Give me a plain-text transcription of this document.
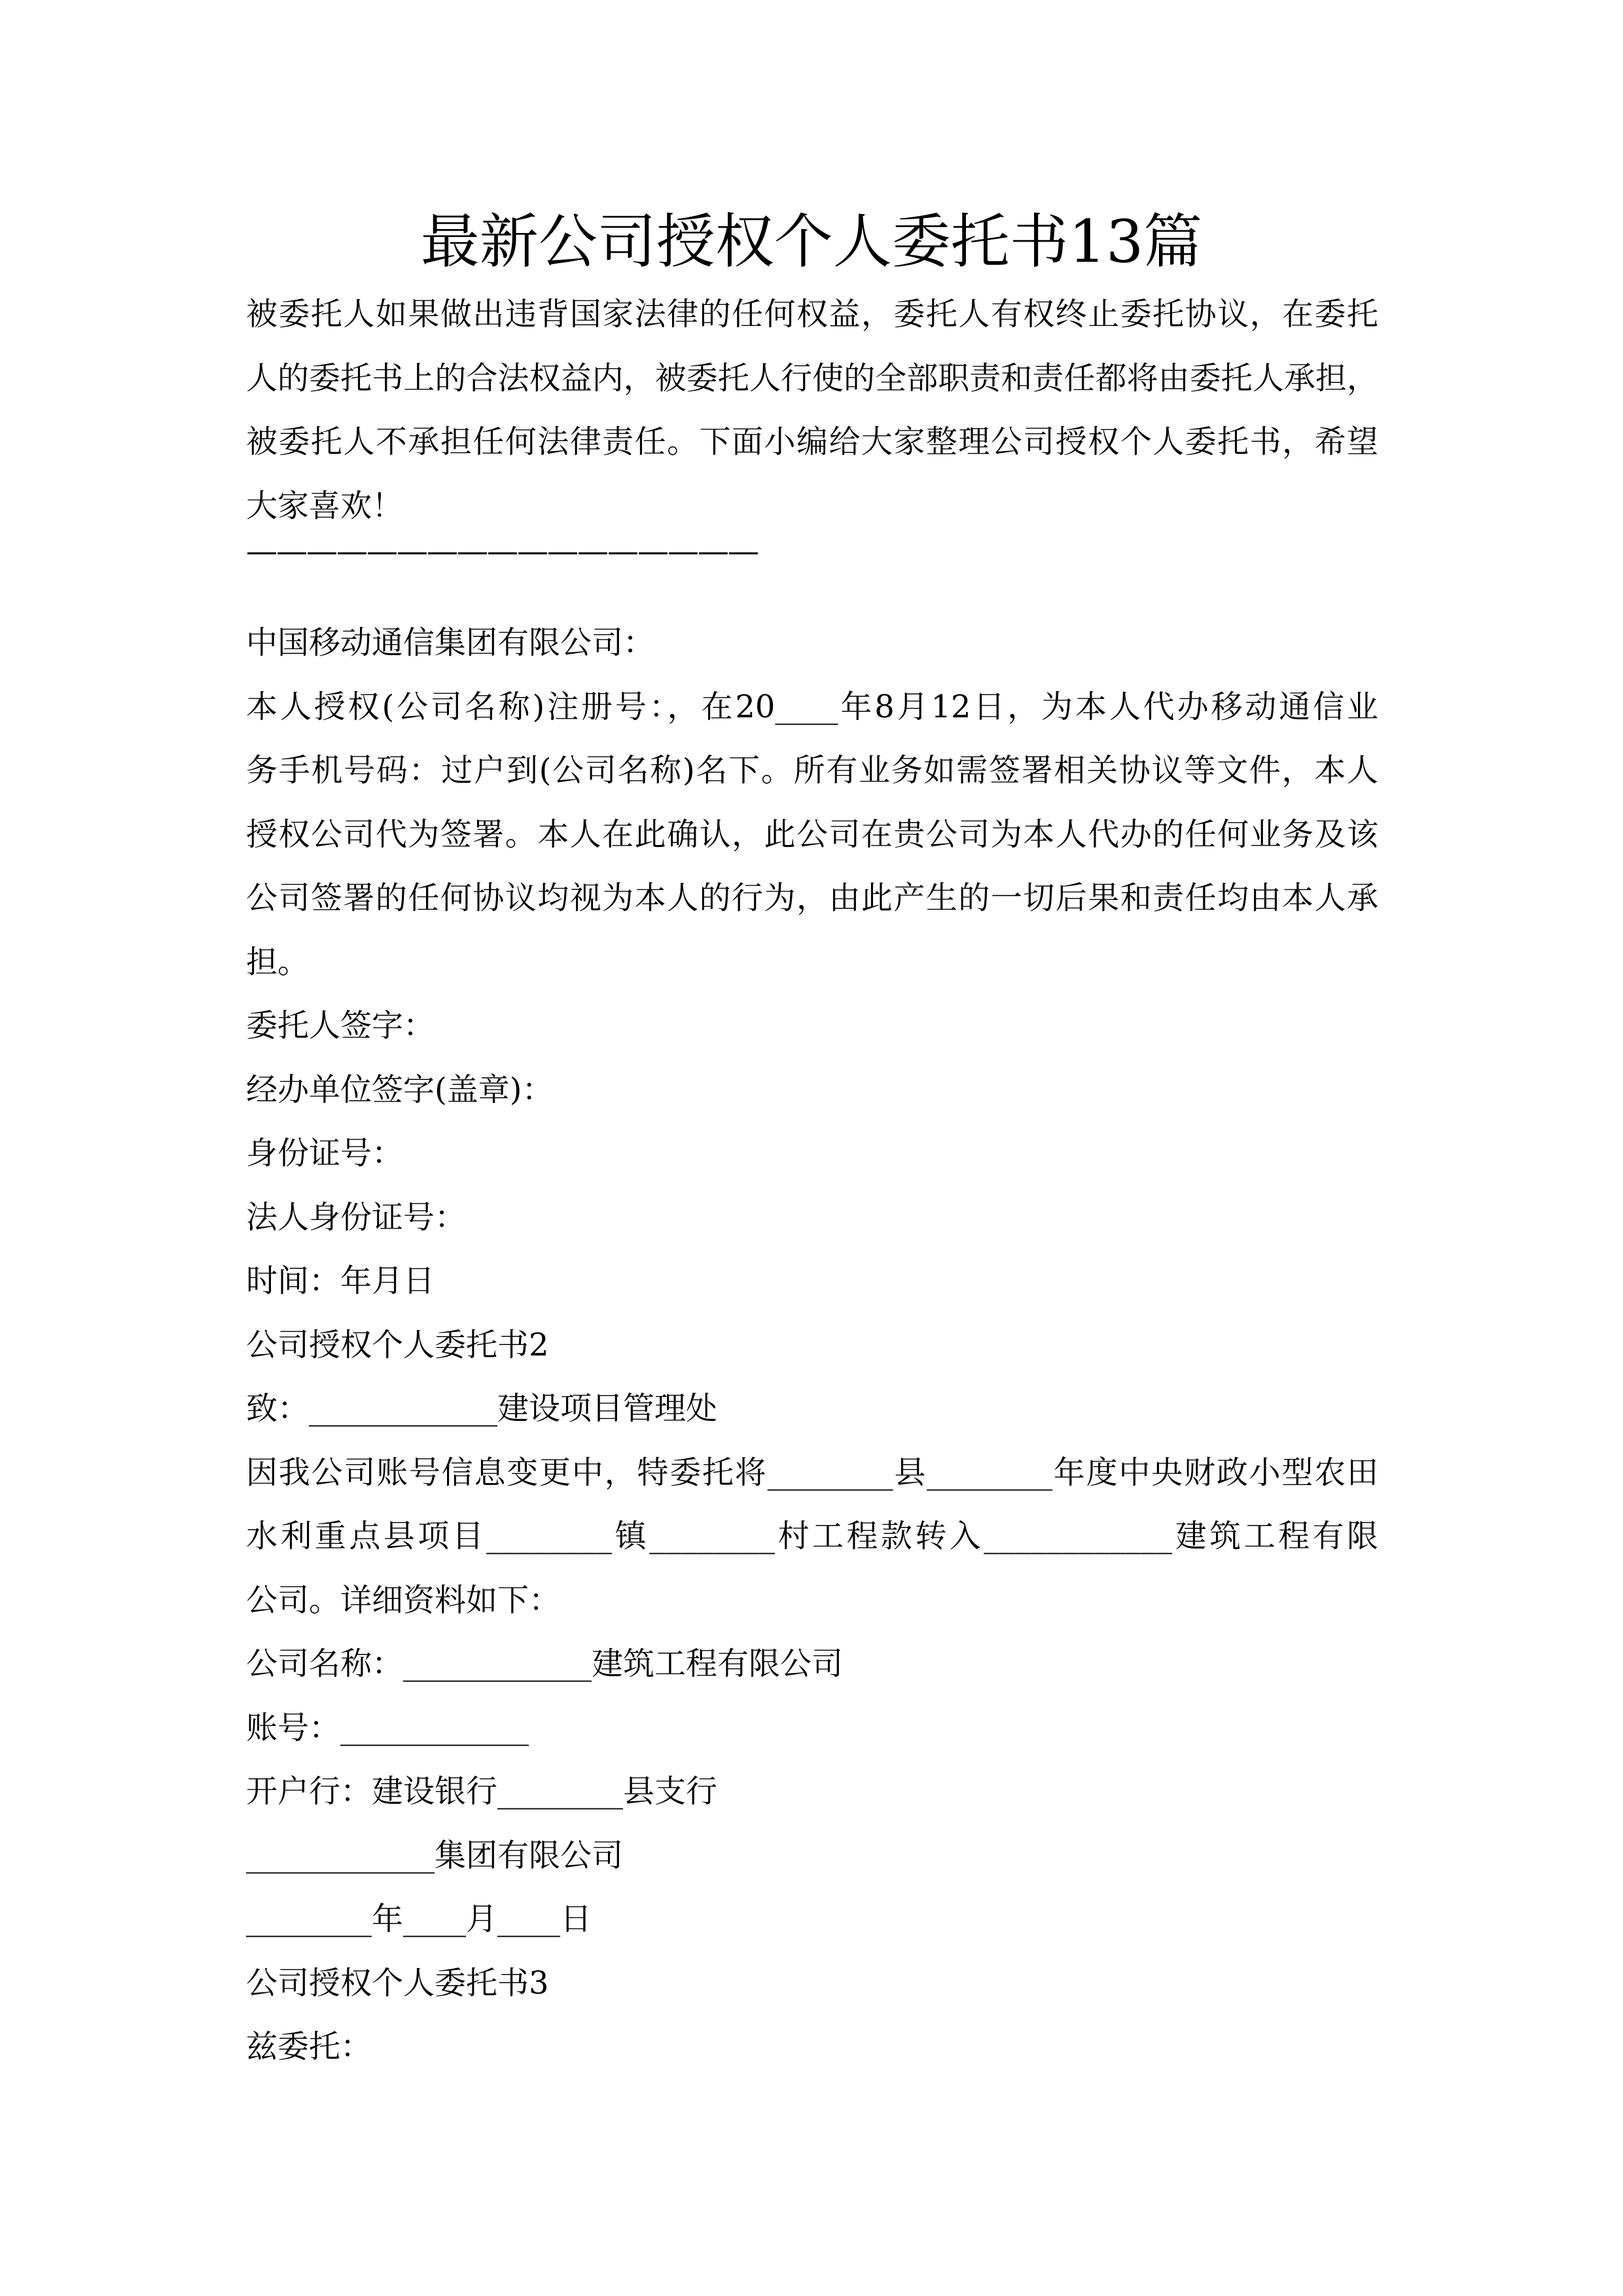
最新公司授权个人委托书13篇
被委托人如果做出违背国家法律的任何权益，委托人有权终止委托协议，在委托
人的委托书上的合法权益内，被委托人行使的全部职责和责任都将由委托人承担，
被委托人不承担任何法律责任。下面小编给大家整理公司授权个人委托书，希望
大家喜欢！
—————————————————
中国移动通信集团有限公司：
本人授权(公司名称)注册号：，在20____年8月12日，为本人代办移动通信业
务手机号码：过户到(公司名称)名下。所有业务如需签署相关协议等文件，本人
授权公司代为签署。本人在此确认，此公司在贵公司为本人代办的任何业务及该
公司签署的任何协议均视为本人的行为，由此产生的一切后果和责任均由本人承
担。
委托人签字：
经办单位签字(盖章)：
身份证号：
法人身份证号：
时间：年月日
公司授权个人委托书2
致：____________建设项目管理处
因我公司账号信息变更中，特委托将________县________年度中央财政小型农田
水利重点县项目________镇________村工程款转入____________建筑工程有限
公司。详细资料如下：
公司名称：____________建筑工程有限公司
账号：____________
开户行：建设银行________县支行
____________集团有限公司
________年____月____日
公司授权个人委托书3
兹委托：
